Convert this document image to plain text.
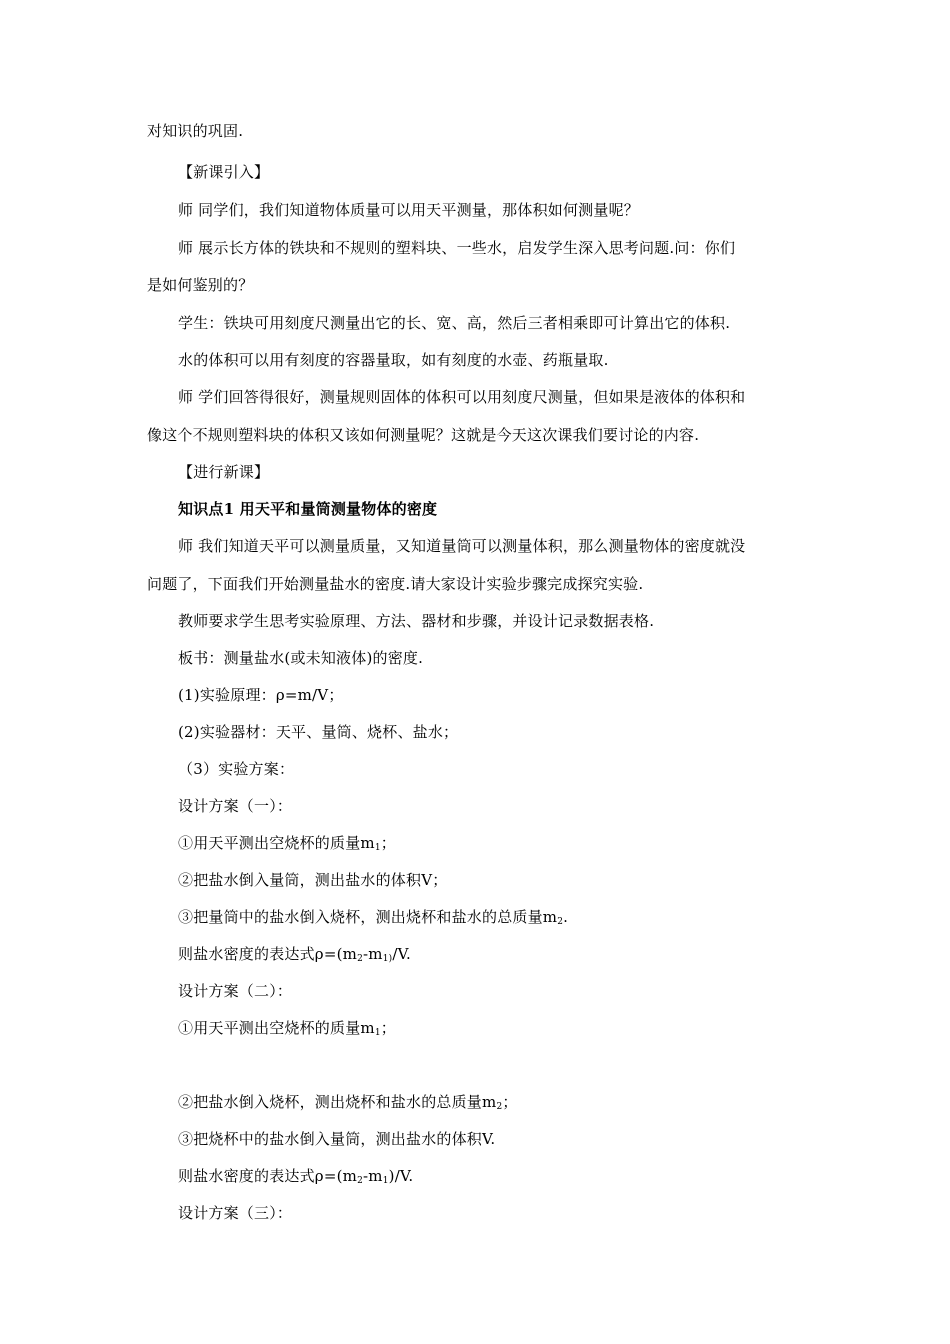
对知识的巩固.
【新课引入】
师 同学们，我们知道物体质量可以用天平测量，那体积如何测量呢？
师 展示长方体的铁块和不规则的塑料块、一些水，启发学生深入思考问题.问：你们
是如何鉴别的？
学生：铁块可用刻度尺测量出它的长、宽、高，然后三者相乘即可计算出它的体积.
水的体积可以用有刻度的容器量取，如有刻度的水壶、药瓶量取.
师 学们回答得很好，测量规则固体的体积可以用刻度尺测量，但如果是液体的体积和
像这个不规则塑料块的体积又该如何测量呢？这就是今天这次课我们要讨论的内容.
【进行新课】
知识点1 用天平和量筒测量物体的密度
师 我们知道天平可以测量质量，又知道量筒可以测量体积，那么测量物体的密度就没
问题了，下面我们开始测量盐水的密度.请大家设计实验步骤完成探究实验.
教师要求学生思考实验原理、方法、器材和步骤，并设计记录数据表格.
板书：测量盐水(或未知液体)的密度.
(1)实验原理：ρ=m/V；
(2)实验器材：天平、量筒、烧杯、盐水；
（3）实验方案：
设计方案（一）：
①用天平测出空烧杯的质量$m_1$；
②把盐水倒入量筒，测出盐水的体积V；
③把量筒中的盐水倒入烧杯，测出烧杯和盐水的总质量$m_2$.
则盐水密度的表达式$\rho=(m_2-m_{1)}/V$.
设计方案（二）：
①用天平测出空烧杯的质量$m_1$；
②把盐水倒入烧杯，测出烧杯和盐水的总质量$m_2$；
③把烧杯中的盐水倒入量筒，测出盐水的体积V.
则盐水密度的表达式$\rho=(m_2-m_1)/V$.
设计方案（三）：
